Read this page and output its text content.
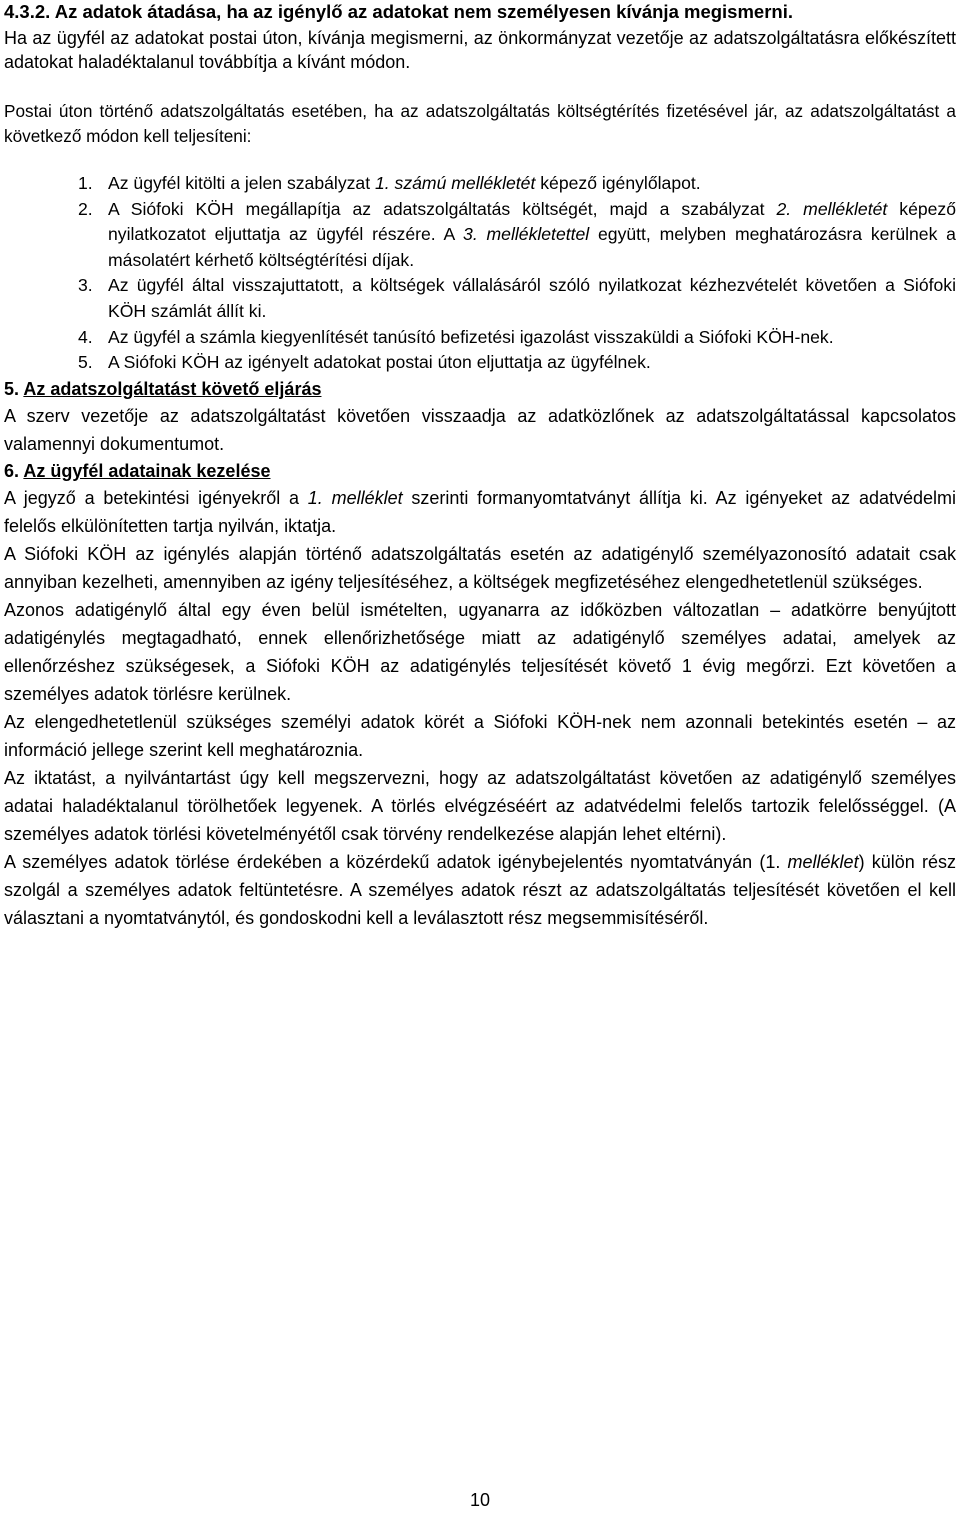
4.3.2. Az adatok átadása, ha az igénylő az adatokat nem személyesen kívánja megismerni.

Ha az ügyfél az adatokat postai úton, kívánja megismerni, az önkormányzat vezetője az adatszolgáltatásra előkészített adatokat haladéktalanul továbbítja a kívánt módon.

Postai úton történő adatszolgáltatás esetében, ha az adatszolgáltatás költségtérítés fizetésével jár, az adatszolgáltatást a következő módon kell teljesíteni:

1. Az ügyfél kitölti a jelen szabályzat 1. számú mellékletét képező igénylőlapot.
2. A Siófoki KÖH megállapítja az adatszolgáltatás költségét, majd a szabályzat 2. mellékletét képező nyilatkozatot eljuttatja az ügyfél részére. A 3. mellékletettel együtt, melyben meghatározásra kerülnek a másolatért kérhető költségtérítési díjak.
3. Az ügyfél által visszajuttatott, a költségek vállalásáról szóló nyilatkozat kézhezvételét követően a Siófoki KÖH számlát állít ki.
4. Az ügyfél a számla kiegyenlítését tanúsító befizetési igazolást visszaküldi a Siófoki KÖH-nek.
5. A Siófoki KÖH az igényelt adatokat postai úton eljuttatja az ügyfélnek.
5. Az adatszolgáltatást követő eljárás

A szerv vezetője az adatszolgáltatást követően visszaadja az adatközlőnek az adatszolgáltatással kapcsolatos valamennyi dokumentumot.

6. Az ügyfél adatainak kezelése

A jegyző a betekintési igényekről a 1. melléklet szerinti formanyomtatványt állítja ki. Az igényeket az adatvédelmi felelős elkülönítetten tartja nyilván, iktatja.

A Siófoki KÖH az igénylés alapján történő adatszolgáltatás esetén az adatigénylő személyazonosító adatait csak annyiban kezelheti, amennyiben az igény teljesítéséhez, a költségek megfizetéséhez elengedhetetlenül szükséges.

Azonos adatigénylő által egy éven belül ismételten, ugyanarra az időközben változatlan – adatkörre benyújtott adatigénylés megtagadható, ennek ellenőrizhetősége miatt az adatigénylő személyes adatai, amelyek az ellenőrzéshez szükségesek, a Siófoki KÖH az adatigénylés teljesítését követő 1 évig megőrzi. Ezt követően a személyes adatok törlésre kerülnek.

Az elengedhetetlenül szükséges személyi adatok körét a Siófoki KÖH-nek nem azonnali betekintés esetén – az információ jellege szerint kell meghatároznia.

Az iktatást, a nyilvántartást úgy kell megszervezni, hogy az adatszolgáltatást követően az adatigénylő személyes adatai haladéktalanul törölhetőek legyenek. A törlés elvégzéséért az adatvédelmi felelős tartozik felelősséggel. (A személyes adatok törlési követelményétől csak törvény rendelkezése alapján lehet eltérni).

A személyes adatok törlése érdekében a közérdekű adatok igénybejelentés nyomtatványán (1. melléklet) külön rész szolgál a személyes adatok feltüntetésre. A személyes adatok részt az adatszolgáltatás teljesítését követően el kell választani a nyomtatványtól, és gondoskodni kell a leválasztott rész megsemmisítéséről.

10
